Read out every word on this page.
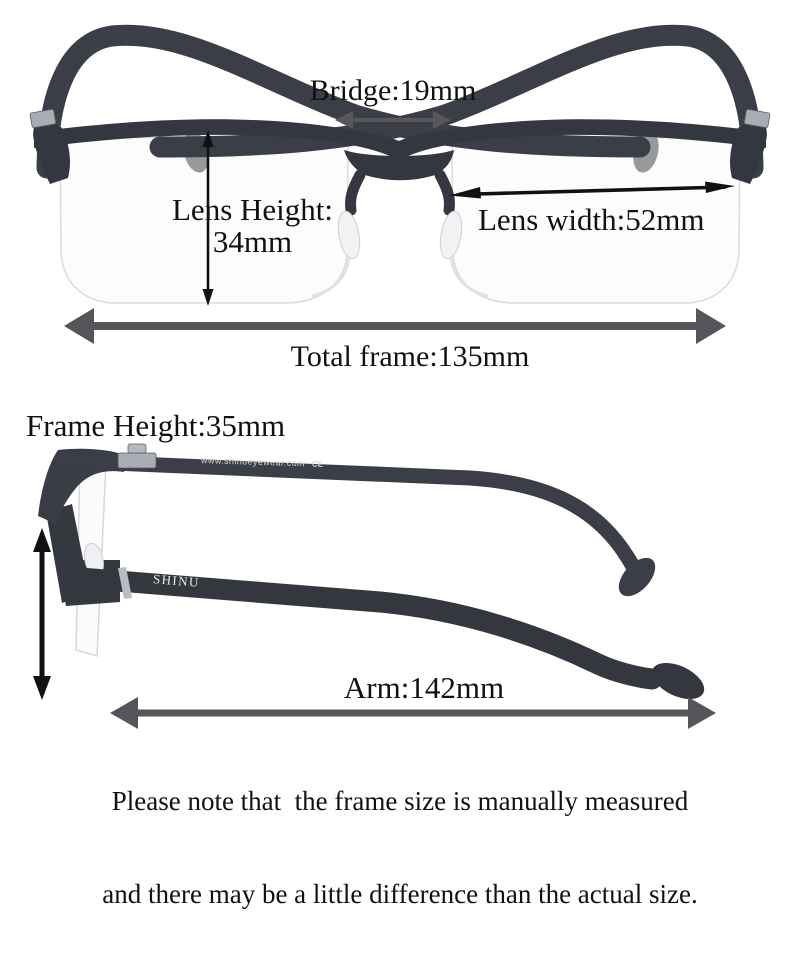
Bridge:19mm
Lens Height:
34mm
Lens width:52mm
Total frame:135mm
Frame Height:35mm
Arm:142mm
www.shinueyewear.com CE
SHINU

Please note that  the frame size is manually measured

and there may be a little difference than the actual size.
